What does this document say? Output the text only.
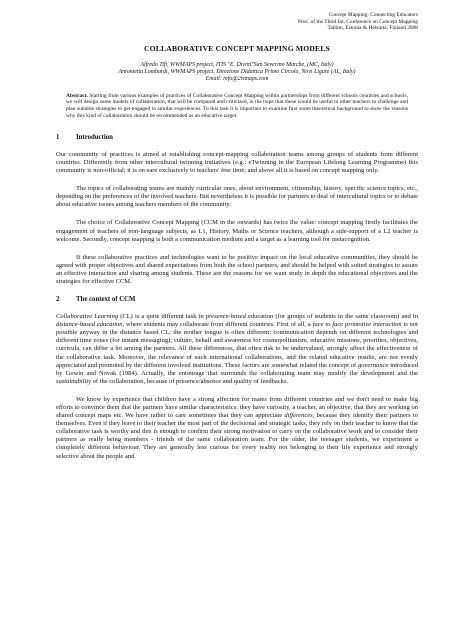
Concept Mapping: Connecting Educators
Proc. of the Third Int. Conference on Concept Mapping
Tallinn, Estonia & Helsinki, Finland 2008
COLLABORATIVE CONCEPT MAPPING MODELS
Alfredo Tifi, WWMAPS project, ITIS "E. Divini"San Severino Marche, (MC, Italy)
Antonietta Lombardi, WWMAPS project, Direzione Didattica Primo Circolo, Novi Ligure (AL, Italy)
Email: info@2wmaps.com
Abstract. Starting from various examples of practices of Collaborative Concept Mapping within partnerships from different schools countries and schools, we will design some models of collaboration, that will be compared and criticized, in the hope that these would be useful to other teachers to challenge and plan suitable strategies to get engaged in similar experiences. To this task it is important to examine first some theoretical background to show the reasons why this kind of collaboration should be recommended as an educative target.
1 Introduction

Our community of practices is aimed at establishing concept-mapping collaboration teams among groups of students from different countries. Differently from other intercultural twinning initiatives (e.g.: eTwinning in the European Lifelong Learning Programme) this community is non-official; it is on eare exclusively to teachers' free time; and above all it is based on concept mapping only.

The topics of collaborating teams are mainly curricular ones, about environment, citizenship, history, specific science topics, etc., depending on the preferences of the involved teachers. But nevertheless it is possible for partners to deal of intercultural topics or to debate about educative issues among teachers members of the community.

The choice of Collaborative Concept Mapping (CCM in the onwards) has twice the value: concept mapping firstly facilitates the engagement of teachers of non-language subjects, as L1, History, Maths or Science teachers, although a side-support of a L2 teacher is welcome. Secondly, concept mapping is both a communication medium and a target as a learning tool for metacognition.

If these collaborative practices and technologies want to be positive impact on the local educative communities, they should be agreed with proper objectives and shared expectations from both the school partners, and should be helped with suited strategies to assure an effective interaction and sharing among students. These are the reasons for we want study in depth the educational objectives and the strategies for effective CCM.

2 The context of CCM

Collaborative Learning (CL) is a quite different task in presence-based education (for groups of students in the same classroom) and in distance-based education, where students may collaborate from different countries. First of all, a face to face promotive interaction is not possible anyway in the distance based CL; the mother tongue is often different; communication depends on different technologies and different time zones (for instant messaging); culture, behalf and awareness for cosmopolitanism, educative missions, priorities, objectives, curricula, can differ a lot among the partners. All these differences, that often risk to be undervalued, strongly affect the effectiveness of the collaborative task. Moreover, the relevance of such international collaborations, and the related educative results, are not evenly appreciated and promoted by the different involved institutions. These factors are somewhat related the concept of governance introduced by Gowin and Novak (1984). Actually, the entourage that surrounds the collaborating team may modify the development and the sustainability of the collaboration, because of presence/absence and quality of feedbacks.

We know by experience that children have a strong affection for mates from different countries and we don't need to make big efforts to convince them that the partners have similar characteristics: they have curiosity, a teacher, an objective, that they are working on shared concept maps etc. We have rather to care sometimes that they can appreciate differences, because they identify their partners to themselves. Even if they leave to their teacher the most part of the decisional and strategic tasks, they rely on their teacher to know that the collaborative task is worthy and this is enough to confirm their strong motivation to carry on the collaborative work and to consider their partners as really being members - friends of the same collaboration team. For the older, the teenager students, we experiment a completely different behaviour. They are generally less curious for every reality not belonging to their life experience and strongly selective about the people and
